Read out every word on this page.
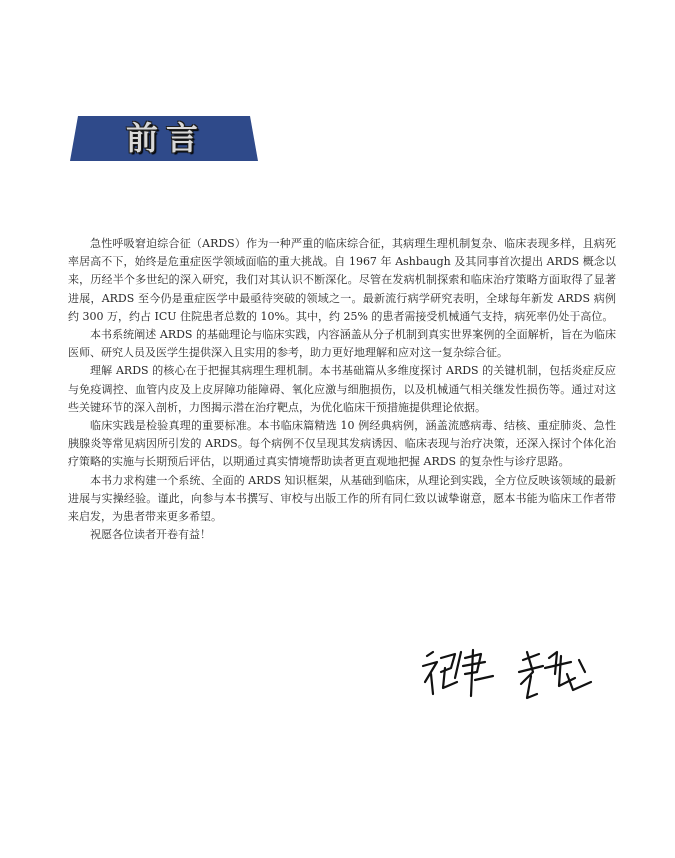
前言

急性呼吸窘迫综合征（ARDS）作为一种严重的临床综合征，其病理生理机制复杂、临床表现多样，且病死率居高不下，始终是危重症医学领域面临的重大挑战。自 1967 年 Ashbaugh 及其同事首次提出 ARDS 概念以来，历经半个多世纪的深入研究，我们对其认识不断深化。尽管在发病机制探索和临床治疗策略方面取得了显著进展，ARDS 至今仍是重症医学中最亟待突破的领域之一。最新流行病学研究表明，全球每年新发 ARDS 病例约 300 万，约占 ICU 住院患者总数的 10%。其中，约 25% 的患者需接受机械通气支持，病死率仍处于高位。

本书系统阐述 ARDS 的基础理论与临床实践，内容涵盖从分子机制到真实世界案例的全面解析，旨在为临床医师、研究人员及医学生提供深入且实用的参考，助力更好地理解和应对这一复杂综合征。

理解 ARDS 的核心在于把握其病理生理机制。本书基础篇从多维度探讨 ARDS 的关键机制，包括炎症反应与免疫调控、血管内皮及上皮屏障功能障碍、氧化应激与细胞损伤，以及机械通气相关继发性损伤等。通过对这些关键环节的深入剖析，力图揭示潜在治疗靶点，为优化临床干预措施提供理论依据。

临床实践是检验真理的重要标准。本书临床篇精选 10 例经典病例，涵盖流感病毒、结核、重症肺炎、急性胰腺炎等常见病因所引发的 ARDS。每个病例不仅呈现其发病诱因、临床表现与治疗决策，还深入探讨个体化治疗策略的实施与长期预后评估，以期通过真实情境帮助读者更直观地把握 ARDS 的复杂性与诊疗思路。

本书力求构建一个系统、全面的 ARDS 知识框架，从基础到临床，从理论到实践，全方位反映该领域的最新进展与实操经验。谨此，向参与本书撰写、审校与出版工作的所有同仁致以诚挚谢意，愿本书能为临床工作者带来启发，为患者带来更多希望。

祝愿各位读者开卷有益！
